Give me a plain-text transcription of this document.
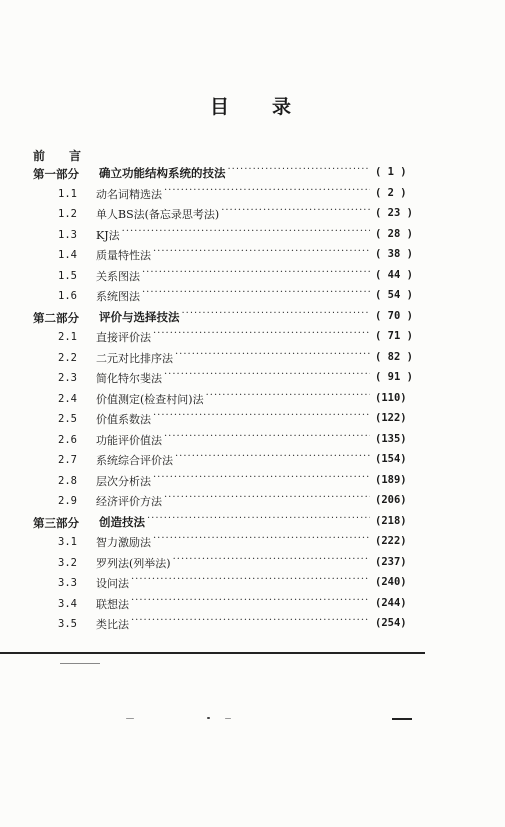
目　录
前　言
第一部分 确立功能结构系统的技法 ·····	( 1 )
1.1	动名词精选法 ·····	( 2 )
1.2	单人BS法(备忘录思考法) ·····	( 23 )
1.3	KJ法 ·····	( 28 )
1.4	质量特性法 ·····	( 38 )
1.5	关系图法 ·····	( 44 )
1.6	系统图法 ·····	( 54 )
第二部分 评价与选择技法 ·····	( 70 )
2.1	直接评价法 ·····	( 71 )
2.2	二元对比排序法 ·····	( 82 )
2.3	简化特尔斐法 ·····	( 91 )
2.4	价值测定(检查村问)法 ·····	(110)
2.5	价值系数法 ·····	(122)
2.6	功能评价值法 ·····	(135)
2.7	系统综合评价法 ·····	(154)
2.8	层次分析法 ·····	(189)
2.9	经济评价方法 ·····	(206)
第三部分 创造技法 ·····	(218)
3.1	智力激励法 ·····	(222)
3.2	罗列法(列举法) ·····	(237)
3.3	设问法 ·····	(240)
3.4	联想法 ·····	(244)
3.5	类比法 ·····	(254)
